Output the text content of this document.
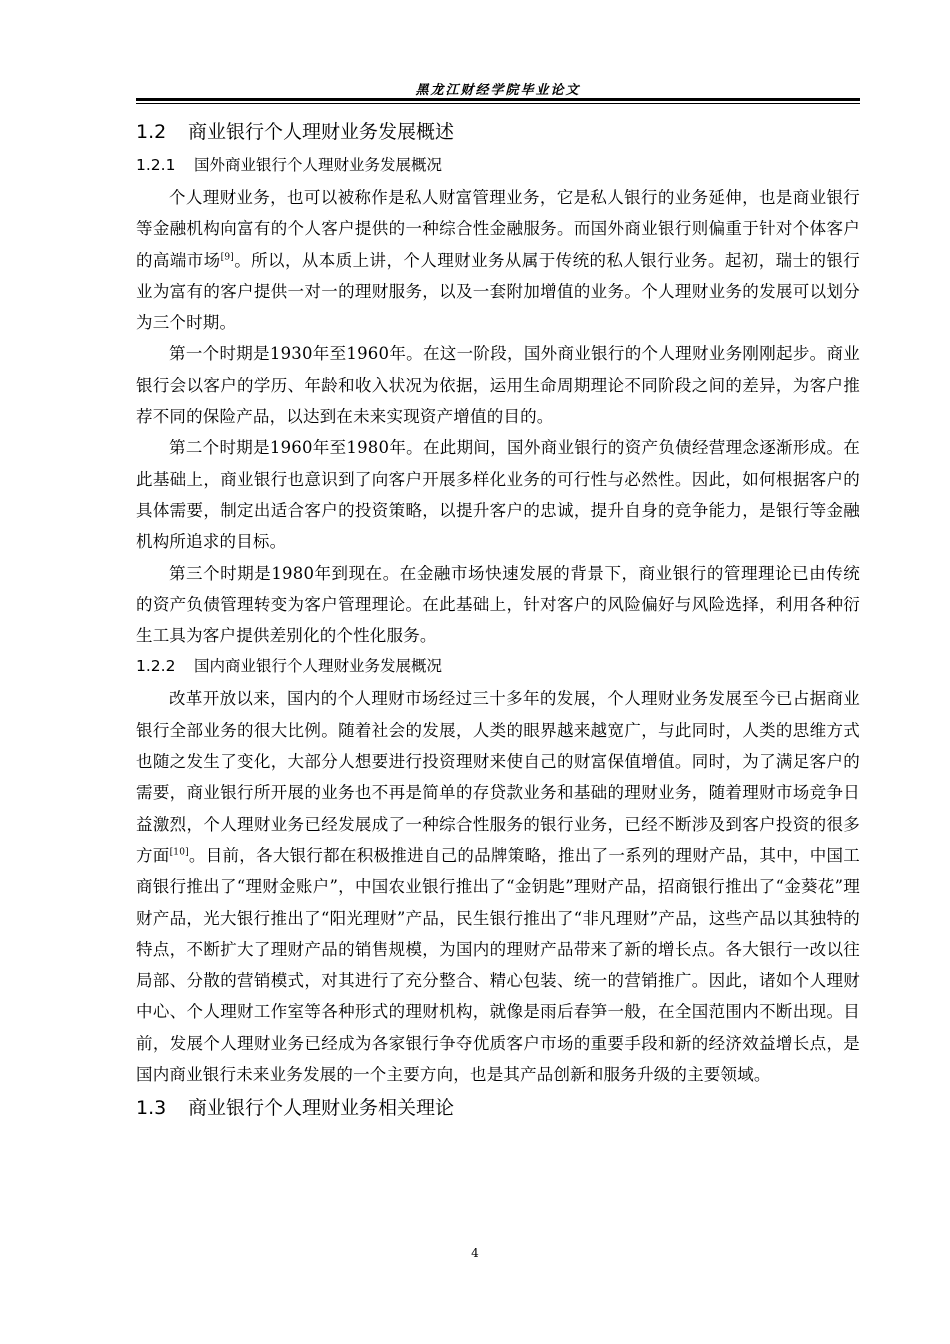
黑龙江财经学院毕业论文
1.2 商业银行个人理财业务发展概述
1.2.1 国外商业银行个人理财业务发展概况

个人理财业务，也可以被称作是私人财富管理业务，它是私人银行的业务延伸，也是商业银行等金融机构向富有的个人客户提供的一种综合性金融服务。而国外商业银行则偏重于针对个体客户的高端市场[9]。所以，从本质上讲，个人理财业务从属于传统的私人银行业务。起初，瑞士的银行业为富有的客户提供一对一的理财服务，以及一套附加增值的业务。个人理财业务的发展可以划分为三个时期。

第一个时期是1930年至1960年。在这一阶段，国外商业银行的个人理财业务刚刚起步。商业银行会以客户的学历、年龄和收入状况为依据，运用生命周期理论不同阶段之间的差异，为客户推荐不同的保险产品，以达到在未来实现资产增值的目的。

第二个时期是1960年至1980年。在此期间，国外商业银行的资产负债经营理念逐渐形成。在此基础上，商业银行也意识到了向客户开展多样化业务的可行性与必然性。因此，如何根据客户的具体需要，制定出适合客户的投资策略，以提升客户的忠诚，提升自身的竞争能力，是银行等金融机构所追求的目标。

第三个时期是1980年到现在。在金融市场快速发展的背景下，商业银行的管理理论已由传统的资产负债管理转变为客户管理理论。在此基础上，针对客户的风险偏好与风险选择，利用各种衍生工具为客户提供差别化的个性化服务。

1.2.2 国内商业银行个人理财业务发展概况

改革开放以来，国内的个人理财市场经过三十多年的发展，个人理财业务发展至今已占据商业银行全部业务的很大比例。随着社会的发展，人类的眼界越来越宽广，与此同时，人类的思维方式也随之发生了变化，大部分人想要进行投资理财来使自己的财富保值增值。同时，为了满足客户的需要，商业银行所开展的业务也不再是简单的存贷款业务和基础的理财业务，随着理财市场竞争日益激烈，个人理财业务已经发展成了一种综合性服务的银行业务，已经不断涉及到客户投资的很多方面[10]。目前，各大银行都在积极推进自己的品牌策略，推出了一系列的理财产品，其中，中国工商银行推出了“理财金账户”，中国农业银行推出了“金钥匙”理财产品，招商银行推出了“金葵花”理财产品，光大银行推出了“阳光理财”产品，民生银行推出了“非凡理财”产品，这些产品以其独特的特点，不断扩大了理财产品的销售规模，为国内的理财产品带来了新的增长点。各大银行一改以往局部、分散的营销模式，对其进行了充分整合、精心包装、统一的营销推广。因此，诸如个人理财中心、个人理财工作室等各种形式的理财机构，就像是雨后春笋一般，在全国范围内不断出现。目前，发展个人理财业务已经成为各家银行争夺优质客户市场的重要手段和新的经济效益增长点，是国内商业银行未来业务发展的一个主要方向，也是其产品创新和服务升级的主要领域。

1.3 商业银行个人理财业务相关理论
4
